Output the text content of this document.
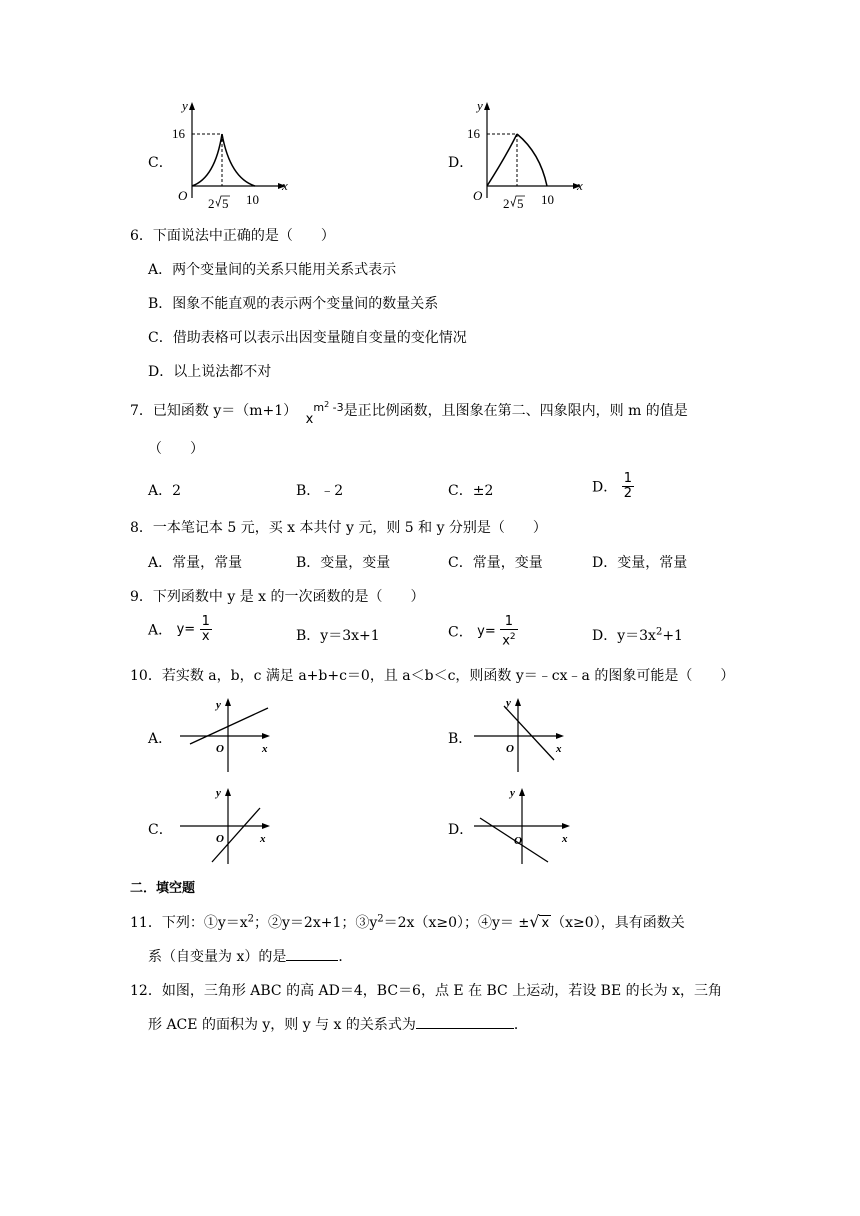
C．
y
x
O
16
2 5 10
D．
y
x
O
16
2 5 10
6．下面说法中正确的是（　　）
A．两个变量间的关系只能用关系式表示
B．图象不能直观的表示两个变量间的数量关系
C．借助表格可以表示出因变量随自变量的变化情况
D．以上说法都不对
7．已知函数 y＝（m+1） $x^{m^2 -3}$是正比例函数，且图象在第二、四象限内，则 m 的值是
（　　）
A．2	B．﹣2	C．±2	D． $\frac{1}{2}$
8．一本笔记本 5 元，买 x 本共付 y 元，则 5 和 y 分别是（　　）
A．常量，常量	B．变量，变量	C．常量，变量	D．变量，常量
9．下列函数中 y 是 x 的一次函数的是（　　）
A． $y= \frac{1}{x}$	B．y＝3x+1	C． $y= \frac{1}{x^2}$	D．$y=3x^2+1$
10．若实数 a，b，c 满足 a+b+c＝0，且 a＜b＜c，则函数 y＝﹣cx﹣a 的图象可能是（　　）
A．
y
x
O
B．
y
x
O
C．
y
x
O
D．
y
x
O
二．填空题
11．下列：$①y=x^2$；②y＝2x+1；$③y^2=2x(x\ge 0)$；④y＝ ±√ x （x≥0），具有函数关
系（自变量为 x）的是	．
12．如图，三角形 ABC 的高 AD＝4，BC＝6，点 E 在 BC 上运动，若设 BE 的长为 x，三角
形 ACE 的面积为 y，则 y 与 x 的关系式为	．
